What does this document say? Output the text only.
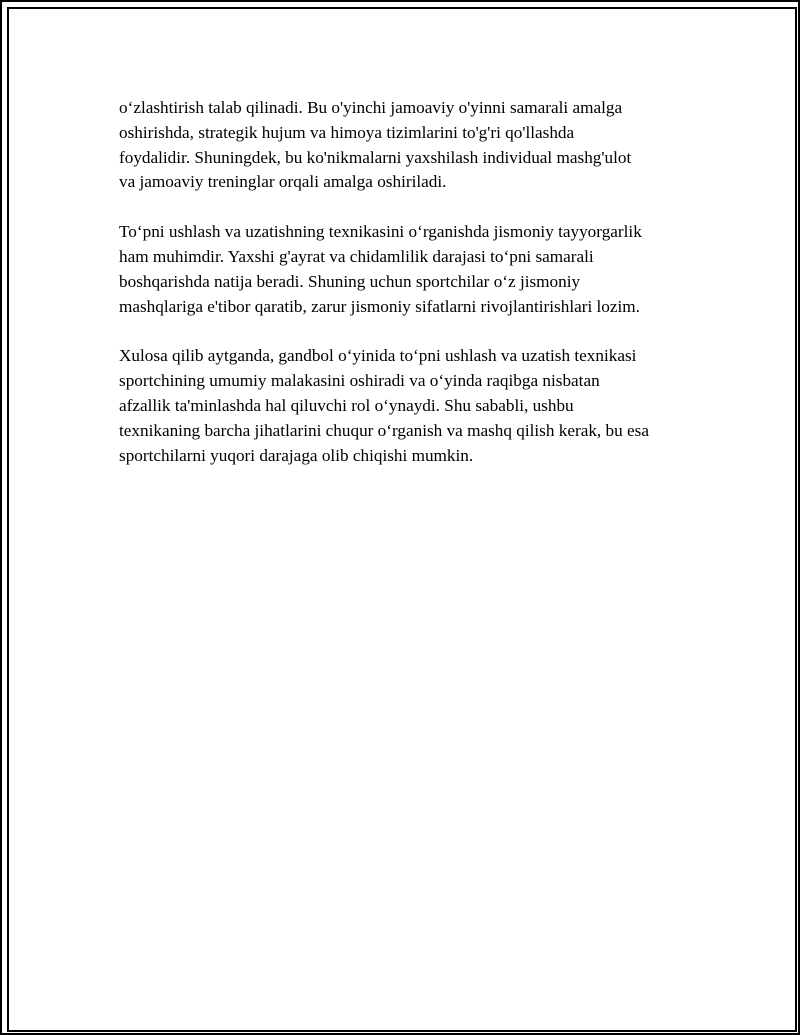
o‘zlashtirish talab qilinadi. Bu o'yinchi jamoaviy o'yinni samarali amalga
oshirishda, strategik hujum va himoya tizimlarini to'g'ri qo'llashda
foydalidir. Shuningdek, bu ko'nikmalarni yaxshilash individual mashg'ulot
va jamoaviy treninglar orqali amalga oshiriladi.

To‘pni ushlash va uzatishning texnikasini o‘rganishda jismoniy tayyorgarlik
ham muhimdir. Yaxshi g'ayrat va chidamlilik darajasi to‘pni samarali
boshqarishda natija beradi. Shuning uchun sportchilar o‘z jismoniy
mashqlariga e'tibor qaratib, zarur jismoniy sifatlarni rivojlantirishlari lozim.

Xulosa qilib aytganda, gandbol o‘yinida to‘pni ushlash va uzatish texnikasi
sportchining umumiy malakasini oshiradi va o‘yinda raqibga nisbatan
afzallik ta'minlashda hal qiluvchi rol o‘ynaydi. Shu sababli, ushbu
texnikaning barcha jihatlarini chuqur o‘rganish va mashq qilish kerak, bu esa
sportchilarni yuqori darajaga olib chiqishi mumkin.
